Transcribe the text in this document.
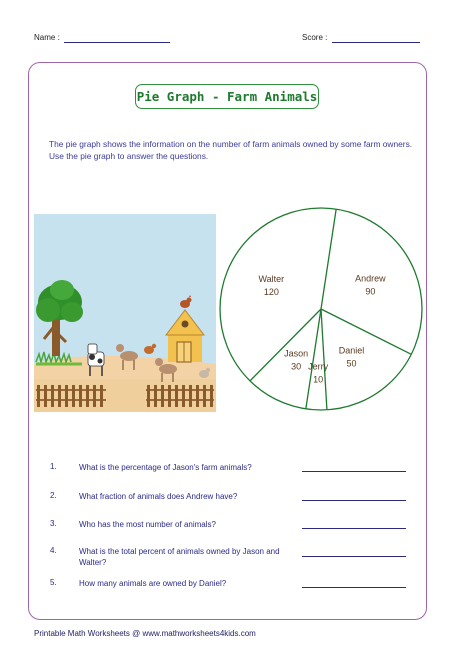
Name :	Score :
Pie Graph - Farm Animals
The pie graph shows the information on the number of farm animals owned by some farm owners. Use the pie graph to answer the questions.
Andrew
90
Daniel
50
Jerry
10
Jason
30
Walter
120
1.	What is the percentage of Jason's farm animals?
2.	What fraction of animals does Andrew have?
3.	Who has the most number of animals?
4.	What is the total percent of animals owned by Jason and Walter?
5.	How many animals are owned by Daniel?
Printable Math Worksheets @ www.mathworksheets4kids.com
